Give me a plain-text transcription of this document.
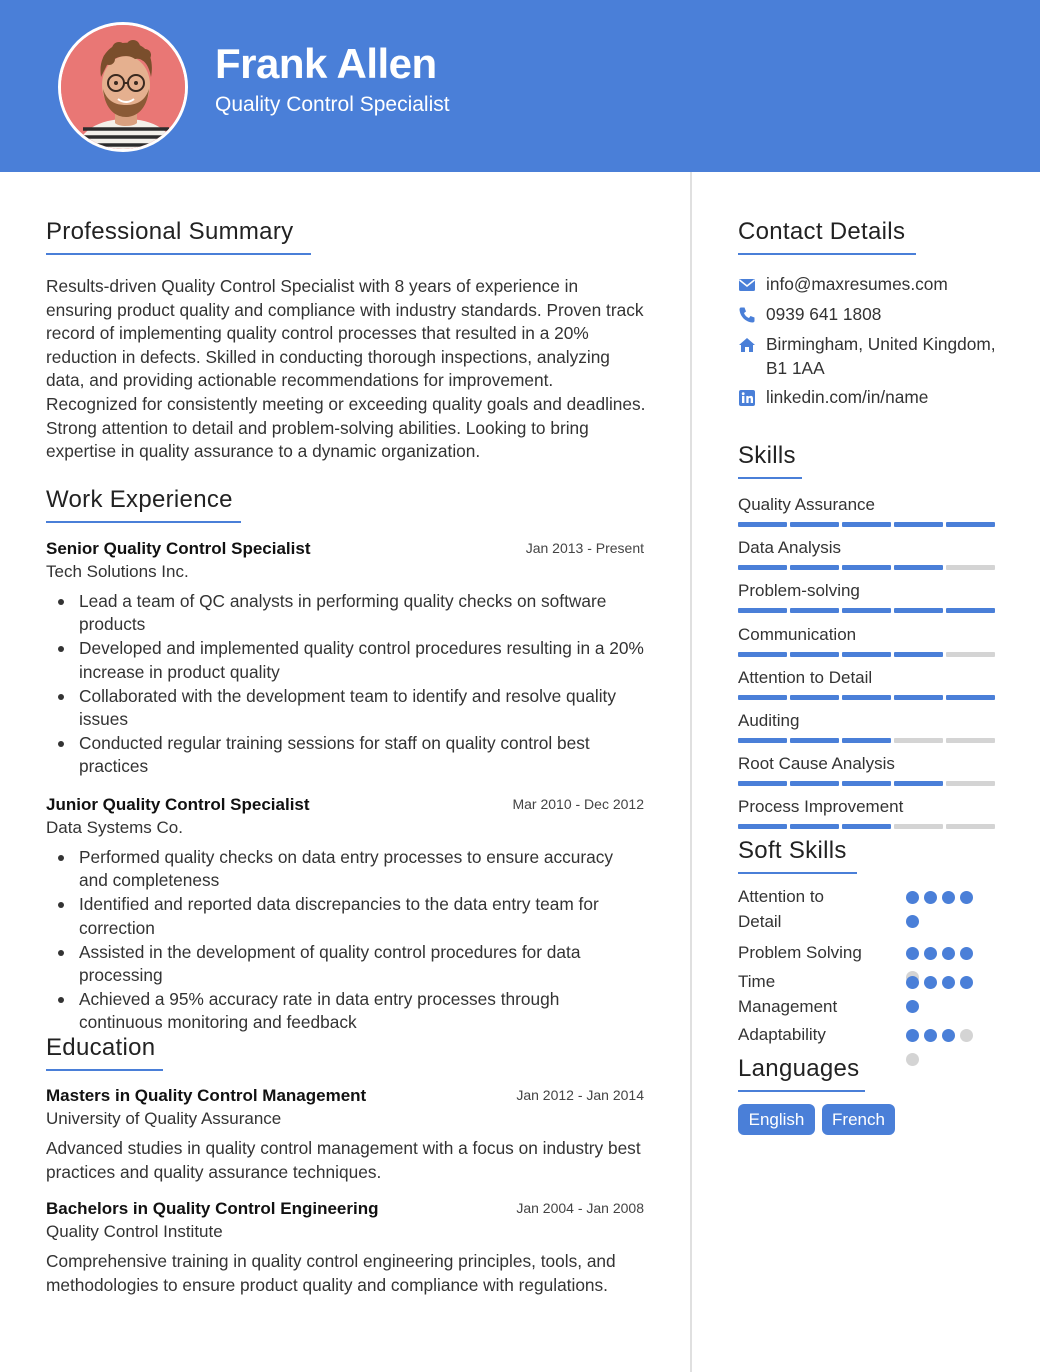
Frank Allen
Quality Control Specialist
Professional Summary

Results-driven Quality Control Specialist with 8 years of experience in ensuring product quality and compliance with industry standards. Proven track record of implementing quality control processes that resulted in a 20% reduction in defects. Skilled in conducting thorough inspections, analyzing data, and providing actionable recommendations for improvement. Recognized for consistently meeting or exceeding quality goals and deadlines. Strong attention to detail and problem-solving abilities. Looking to bring expertise in quality assurance to a dynamic organization.

Work Experience
Senior Quality Control Specialist	Jan 2013 - Present
Tech Solutions Inc.
Lead a team of QC analysts in performing quality checks on software products
Developed and implemented quality control procedures resulting in a 20% increase in product quality
Collaborated with the development team to identify and resolve quality issues
Conducted regular training sessions for staff on quality control best practices
Junior Quality Control Specialist	Mar 2010 - Dec 2012
Data Systems Co.
Performed quality checks on data entry processes to ensure accuracy and completeness
Identified and reported data discrepancies to the data entry team for correction
Assisted in the development of quality control procedures for data processing
Achieved a 95% accuracy rate in data entry processes through continuous monitoring and feedback
Education
Masters in Quality Control Management	Jan 2012 - Jan 2014
University of Quality Assurance

Advanced studies in quality control management with a focus on industry best practices and quality assurance techniques.

Bachelors in Quality Control Engineering	Jan 2004 - Jan 2008
Quality Control Institute

Comprehensive training in quality control engineering principles, tools, and methodologies to ensure product quality and compliance with regulations.

Contact Details
info@maxresumes.com
0939 641 1808
Birmingham, United Kingdom, B1 1AA
linkedin.com/in/name
Skills
Quality Assurance
Data Analysis
Problem-solving
Communication
Attention to Detail
Auditing
Root Cause Analysis
Process Improvement
Soft Skills
Attention to Detail
Problem Solving
Time Management
Adaptability
Languages
English	French
